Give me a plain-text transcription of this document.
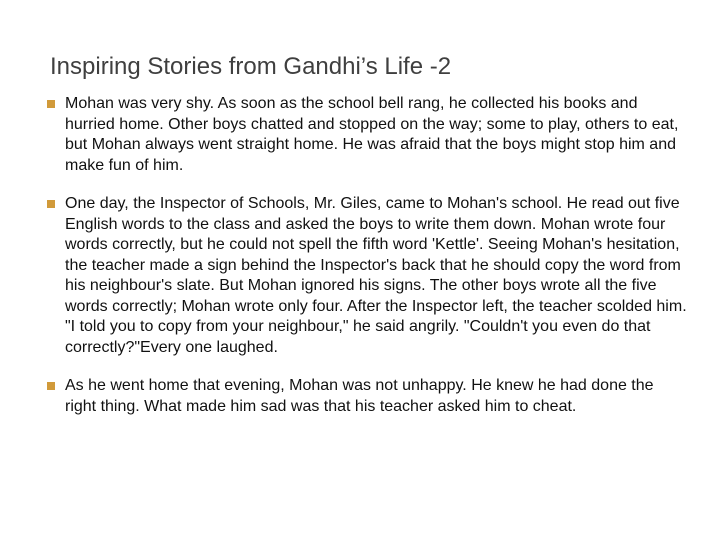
Inspiring Stories from Gandhi’s Life -2
Mohan was very shy. As soon as the school bell rang, he collected his books and hurried home. Other boys chatted and stopped on the way; some to play, others to eat, but Mohan always went straight home. He was afraid that the boys might stop him and make fun of him.
One day, the Inspector of Schools, Mr. Giles, came to Mohan's school. He read out five English words to the class and asked the boys to write them down. Mohan wrote four words correctly, but he could not spell the fifth word 'Kettle'. Seeing Mohan's hesitation, the teacher made a sign behind the Inspector's back that he should copy the word from his neighbour's slate. But Mohan ignored his signs. The other boys wrote all the five words correctly; Mohan wrote only four. After the Inspector left, the teacher scolded him. "I told you to copy from your neighbour," he said angrily. "Couldn't you even do that correctly?"Every one laughed.
As he went home that evening, Mohan was not unhappy. He knew he had done the right thing. What made him sad was that his teacher asked him to cheat.
